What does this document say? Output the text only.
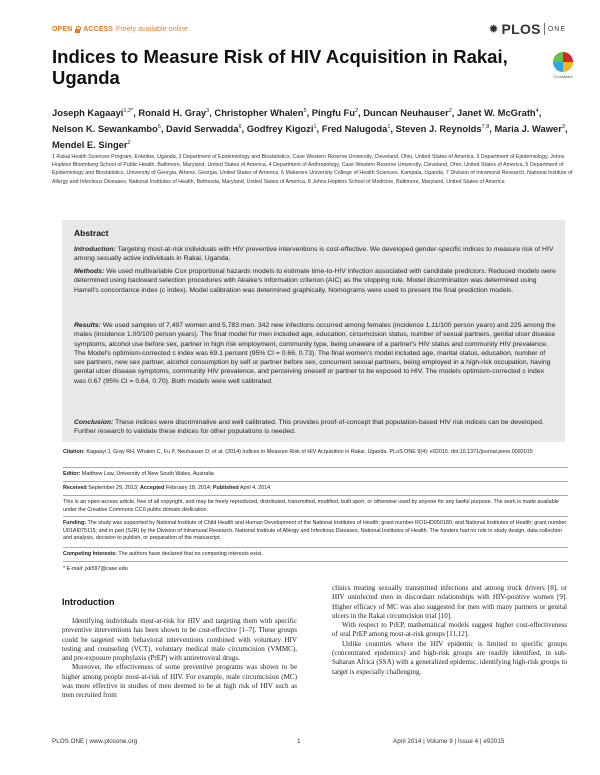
OPEN ACCESS Freely available online	✹ PLOS ONE
Indices to Measure Risk of HIV Acquisition in Rakai, Uganda	CrossMark
Joseph Kagaayi$^{1,2*}$, Ronald H. Gray$^3$, Christopher Whalen$^5$, Pingfu Fu$^2$, Duncan Neuhauser$^2$, Janet W. McGrath$^4$, Nelson K. Sewankambo$^6$, David Serwadda$^6$, Godfrey Kigozi$^1$, Fred Nalugoda$^1$, Steven J. Reynolds$^{7,8}$, Maria J. Wawer$^3$, Mendel E. Singer$^2$
1 Rakai Health Sciences Program, Entebbe, Uganda, 2 Department of Epidemiology and Biostatistics, Case Western Reserve University, Cleveland, Ohio, United States of America, 3 Department of Epidemiology, Johns Hopkins Bloomberg School of Public Health, Baltimore, Maryland, United States of America, 4 Department of Anthropology, Case Western Reserve University, Cleveland, Ohio, United States of America, 5 Department of Epidemiology and Biostatistics, University of Georgia, Athens, Georgia, United States of America, 6 Makerere University College of Health Sciences, Kampala, Uganda, 7 Division of Intramural Research, National Institute of Allergy and Infectious Diseases, National Institutes of Health, Bethesda, Maryland, United States of America, 8 Johns Hopkins School of Medicine, Baltimore, Maryland, United States of America
Abstract
Introduction: Targeting most-at-risk individuals with HIV preventive interventions is cost-effective. We developed gender-specific indices to measure risk of HIV among sexually active individuals in Rakai, Uganda.
Methods: We used multivariable Cox proportional hazards models to estimate time-to-HIV infection associated with candidate predictors. Reduced models were determined using backward selection procedures with Akaike's information criterion (AIC) as the stopping rule. Model discrimination was determined using Harrell's concordance index (c index). Model calibration was determined graphically. Nomograms were used to present the final prediction models.
Results: We used samples of 7,497 women and 5,783 men. 342 new infections occurred among females (incidence 1.11/100 person years) and 225 among the males (incidence 1.00/100 person years). The final model for men included age, education, circumcision status, number of sexual partners, genital ulcer disease symptoms, alcohol use before sex, partner in high risk employment, community type, being unaware of a partner's HIV status and community HIV prevalence. The Model's optimism-corrected c index was 69.1 percent (95% CI = 0.66, 0.73). The final women's model included age, marital status, education, number of sex partners, new sex partner, alcohol consumption by self or partner before sex, concurrent sexual partners, being employed in a high-risk occupation, having genital ulcer disease symptoms, community HIV prevalence, and perceiving oneself or partner to be exposed to HIV. The models optimism-corrected c index was 0.67 (95% CI = 0.64, 0.70). Both models were well calibrated.
Conclusion: These indices were discriminative and well calibrated. This provides proof-of-concept that population-based HIV risk indices can be developed. Further research to validate these indices for other populations is needed.
Citation: Kagaayi J, Gray RH, Whalen C, Fu P, Neuhauser D, et al. (2014) Indices to Measure Risk of HIV Acquisition in Rakai, Uganda. PLoS ONE 9(4): e92015. doi:10.1371/journal.pone.0092015
Editor: Matthew Law, University of New South Wales, Australia
Received September 29, 2013; Accepted February 18, 2014; Published April 4, 2014
This is an open-access article, free of all copyright, and may be freely reproduced, distributed, transmitted, modified, built upon, or otherwise used by anyone for any lawful purpose. The work is made available under the Creative Commons CC0 public domain dedication.
Funding: The study was supported by National Institute of Child Health and Human Development of the National Institutes of Health; grant number RO1HD050180; and National Institutes of Health; grant number U01AI075115; and in part (SJR) by the Division of Intramural Research, National Institute of Allergy and Infectious Diseases, National Institutes of Health. The funders had no role in study design, data collection and analysis, decision to publish, or preparation of the manuscript.
Competing Interests: The authors have declared that no competing interests exist.
* E-mail: jxk597@case.edu
Introduction

Identifying individuals most-at-risk for HIV and targeting them with specific preventive interventions has been shown to be cost-effective [1–7]. These groups could be targeted with behavioral interventions combined with voluntary HIV testing and counseling (VCT), voluntary medical male circumcision (VMMC), and pre-exposure prophylaxis (PrEP) with antiretroviral drugs.

Moreover, the effectiveness of some preventive programs was shown to be higher among people most-at-risk of HIV. For example, male circumcision (MC) was more effective in studies of men deemed to be at high risk of HIV such as men recruited from

clinics treating sexually transmitted infections and among truck drivers [8], or HIV uninfected men in discordant relationships with HIV-positive women [9]. Higher efficacy of MC was also suggested for men with many partners or genital ulcers in the Rakai circumcision trial [10].

With respect to PrEP, mathematical models suggest higher cost-effectiveness of oral PrEP among most-at-risk groups [11,12].

Unlike countries where the HIV epidemic is limited to specific groups (concentrated epidemics) and high-risk groups are readily identified, in sub-Saharan Africa (SSA) with a generalized epidemic, identifying high-risk groups to target is especially challenging.

PLOS ONE | www.plosone.org	1	April 2014 | Volume 9 | Issue 4 | e92015
